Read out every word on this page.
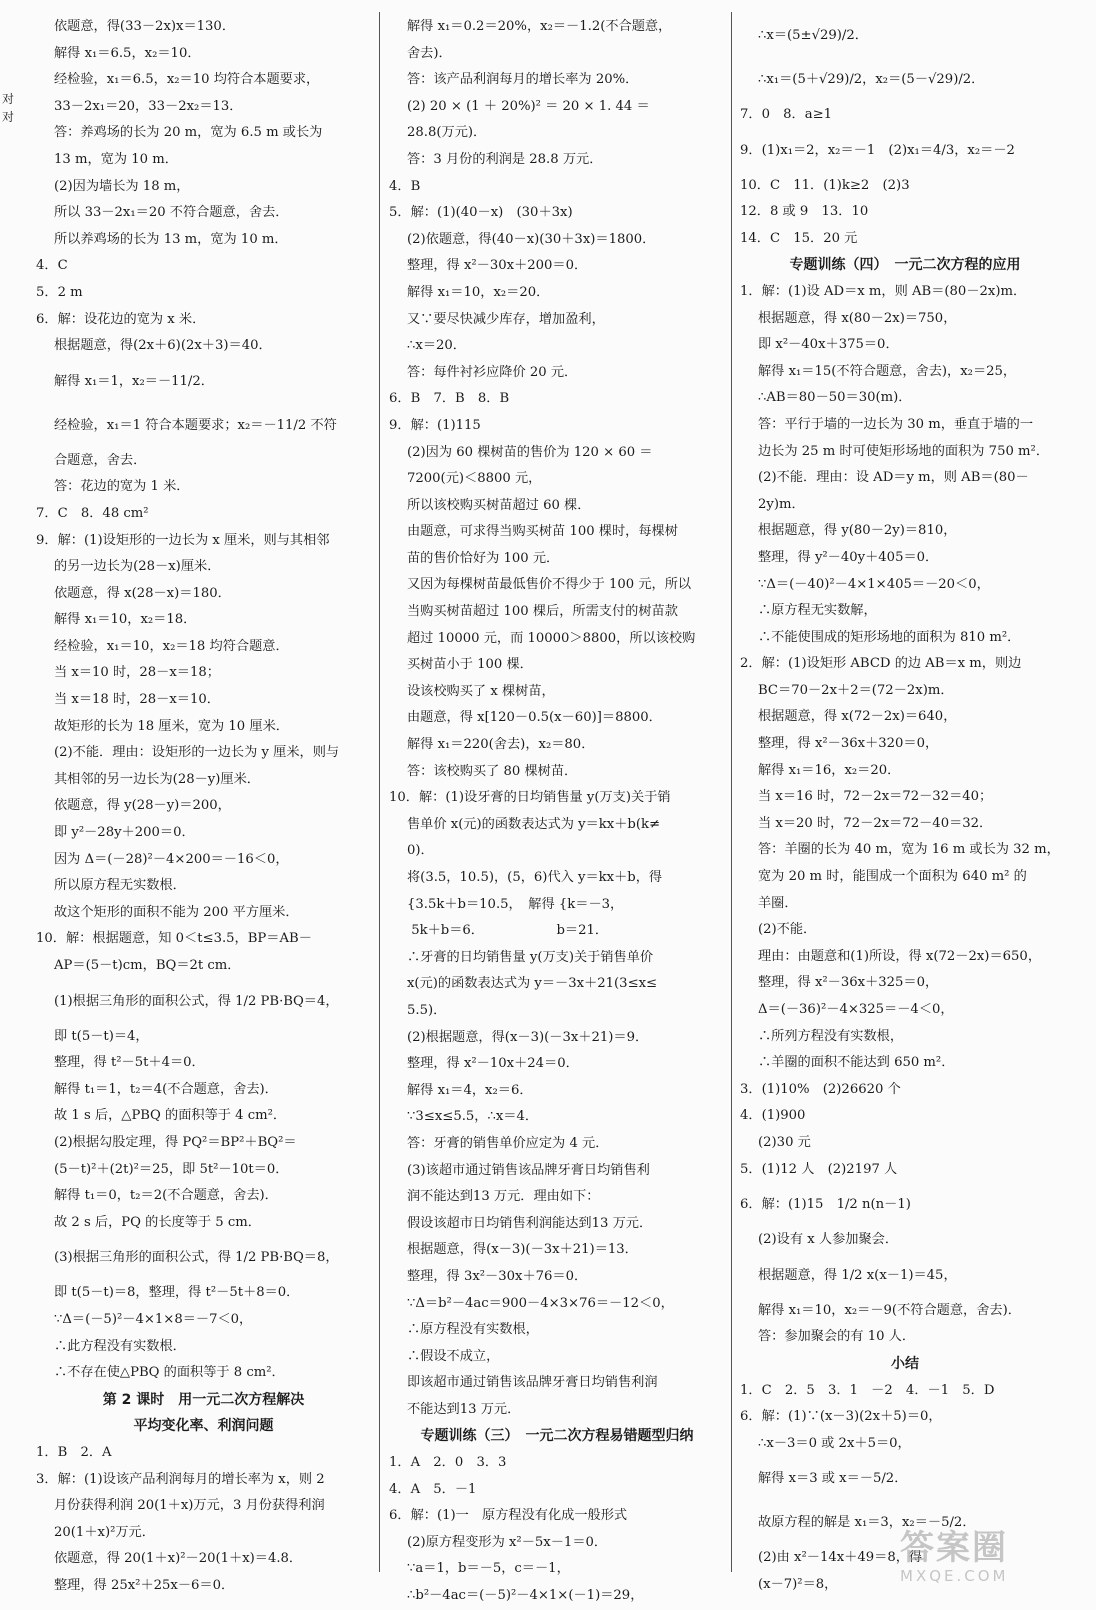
对
对
依题意，得(33－2x)x＝130．
解得 x₁＝6.5，x₂＝10．
经检验，x₁＝6.5，x₂＝10 均符合本题要求，
33－2x₁＝20，33－2x₂＝13．
答：养鸡场的长为 20 m，宽为 6.5 m 或长为
13 m，宽为 10 m．
(2)因为墙长为 18 m，
所以 33－2x₁＝20 不符合题意，舍去．
所以养鸡场的长为 13 m，宽为 10 m．
4．C
5．2 m
6．解：设花边的宽为 x 米．
根据题意，得(2x＋6)(2x＋3)＝40．
解得 x₁＝1，x₂＝－11/2．
经检验，x₁＝1 符合本题要求；x₂＝－11/2 不符
合题意，舍去．
答：花边的宽为 1 米．
7．C　8．48 cm²
9．解：(1)设矩形的一边长为 x 厘米，则与其相邻
的另一边长为(28－x)厘米．
依题意，得 x(28－x)＝180．
解得 x₁＝10，x₂＝18．
经检验，x₁＝10，x₂＝18 均符合题意．
当 x＝10 时，28－x＝18；
当 x＝18 时，28－x＝10．
故矩形的长为 18 厘米，宽为 10 厘米．
(2)不能．理由：设矩形的一边长为 y 厘米，则与
其相邻的另一边长为(28－y)厘米．
依题意，得 y(28－y)＝200，
即 y²－28y＋200＝0．
因为 Δ＝(－28)²－4×200＝－16＜0，
所以原方程无实数根．
故这个矩形的面积不能为 200 平方厘米．
10．解：根据题意，知 0＜t≤3.5，BP＝AB－
AP＝(5－t)cm，BQ＝2t cm．
(1)根据三角形的面积公式，得 1/2 PB·BQ＝4，
即 t(5－t)＝4，
整理，得 t²－5t＋4＝0．
解得 t₁＝1，t₂＝4(不合题意，舍去)．
故 1 s 后，△PBQ 的面积等于 4 cm²．
(2)根据勾股定理，得 PQ²＝BP²＋BQ²＝
(5－t)²＋(2t)²＝25，即 5t²－10t＝0．
解得 t₁＝0，t₂＝2(不合题意，舍去)．
故 2 s 后，PQ 的长度等于 5 cm．
(3)根据三角形的面积公式，得 1/2 PB·BQ＝8，
即 t(5－t)＝8，整理，得 t²－5t＋8＝0．
∵Δ＝(－5)²－4×1×8＝－7＜0，
∴此方程没有实数根．
∴不存在使△PBQ 的面积等于 8 cm²．
第 2 课时　用一元二次方程解决
平均变化率、利润问题
1．B　2．A
3．解：(1)设该产品利润每月的增长率为 x，则 2
月份获得利润 20(1＋x)万元，3 月份获得利润
20(1＋x)²万元．
依题意，得 20(1＋x)²－20(1＋x)＝4.8．
整理，得 25x²＋25x－6＝0．
解得 x₁＝0.2＝20%，x₂＝－1.2(不合题意，
舍去)．
答：该产品利润每月的增长率为 20%．
(2) 20 × (1 ＋ 20%)² ＝ 20 × 1. 44 ＝
28.8(万元)．
答：3 月份的利润是 28.8 万元．
4．B
5．解：(1)(40－x)　(30＋3x)
(2)依题意，得(40－x)(30＋3x)＝1800．
整理，得 x²－30x＋200＝0．
解得 x₁＝10，x₂＝20．
又∵要尽快减少库存，增加盈利，
∴x＝20．
答：每件衬衫应降价 20 元．
6．B　7．B　8．B
9．解：(1)115
(2)因为 60 棵树苗的售价为 120 × 60 ＝
7200(元)＜8800 元，
所以该校购买树苗超过 60 棵．
由题意，可求得当购买树苗 100 棵时，每棵树
苗的售价恰好为 100 元．
又因为每棵树苗最低售价不得少于 100 元，所以
当购买树苗超过 100 棵后，所需支付的树苗款
超过 10000 元，而 10000＞8800，所以该校购
买树苗小于 100 棵．
设该校购买了 x 棵树苗，
由题意，得 x[120－0.5(x－60)]＝8800．
解得 x₁＝220(舍去)，x₂＝80．
答：该校购买了 80 棵树苗．
10．解：(1)设牙膏的日均销售量 y(万支)关于销
售单价 x(元)的函数表达式为 y＝kx＋b(k≠
0)．
将(3.5，10.5)，(5，6)代入 y＝kx＋b，得
{3.5k＋b＝10.5，　解得 {k＝－3，
5k＋b＝6．　　　　　　b＝21．
∴牙膏的日均销售量 y(万支)关于销售单价
x(元)的函数表达式为 y＝－3x＋21(3≤x≤
5.5)．
(2)根据题意，得(x－3)(－3x＋21)＝9．
整理，得 x²－10x＋24＝0．
解得 x₁＝4，x₂＝6．
∵3≤x≤5.5，∴x＝4．
答：牙膏的销售单价应定为 4 元．
(3)该超市通过销售该品牌牙膏日均销售利
润不能达到13 万元．理由如下：
假设该超市日均销售利润能达到13 万元．
根据题意，得(x－3)(－3x＋21)＝13．
整理，得 3x²－30x＋76＝0．
∵Δ＝b²－4ac＝900－4×3×76＝－12＜0，
∴原方程没有实数根，
∴假设不成立，
即该超市通过销售该品牌牙膏日均销售利润
不能达到13 万元．
专题训练（三）　一元二次方程易错题型归纳
1．A　2．0　3．3
4．A　5．－1
6．解：(1)一　原方程没有化成一般形式
(2)原方程变形为 x²－5x－1＝0．
∵a＝1，b＝－5，c＝－1，
∴b²－4ac＝(－5)²－4×1×(－1)＝29，
∴x＝(5±√29)/2．
∴x₁＝(5＋√29)/2，x₂＝(5－√29)/2．
7．0　8．a≥1
9．(1)x₁＝2，x₂＝－1　(2)x₁＝4/3，x₂＝－2
10．C　11．(1)k≥2　(2)3
12．8 或 9　13．10
14．C　15．20 元
专题训练（四）　一元二次方程的应用
1．解：(1)设 AD＝x m，则 AB＝(80－2x)m．
根据题意，得 x(80－2x)＝750，
即 x²－40x＋375＝0．
解得 x₁＝15(不符合题意，舍去)，x₂＝25，
∴AB＝80－50＝30(m)．
答：平行于墙的一边长为 30 m，垂直于墙的一
边长为 25 m 时可使矩形场地的面积为 750 m²．
(2)不能．理由：设 AD＝y m，则 AB＝(80－
2y)m．
根据题意，得 y(80－2y)＝810，
整理，得 y²－40y＋405＝0．
∵Δ＝(－40)²－4×1×405＝－20＜0，
∴原方程无实数解，
∴不能使围成的矩形场地的面积为 810 m²．
2．解：(1)设矩形 ABCD 的边 AB＝x m，则边
BC＝70－2x＋2＝(72－2x)m．
根据题意，得 x(72－2x)＝640，
整理，得 x²－36x＋320＝0，
解得 x₁＝16，x₂＝20．
当 x＝16 时，72－2x＝72－32＝40；
当 x＝20 时，72－2x＝72－40＝32．
答：羊圈的长为 40 m，宽为 16 m 或长为 32 m，
宽为 20 m 时，能围成一个面积为 640 m² 的
羊圈．
(2)不能．
理由：由题意和(1)所设，得 x(72－2x)＝650，
整理，得 x²－36x＋325＝0，
Δ＝(－36)²－4×325＝－4＜0，
∴所列方程没有实数根，
∴羊圈的面积不能达到 650 m²．
3．(1)10%　(2)26620 个
4．(1)900
(2)30 元
5．(1)12 人　(2)2197 人
6．解：(1)15　1/2 n(n－1)
(2)设有 x 人参加聚会．
根据题意，得 1/2 x(x－1)＝45，
解得 x₁＝10，x₂＝－9(不符合题意，舍去)．
答：参加聚会的有 10 人．
小结
1．C　2．5　3．1　－2　4．－1　5．D
6．解：(1)∵(x－3)(2x＋5)＝0，
∴x－3＝0 或 2x＋5＝0，
解得 x＝3 或 x＝－5/2．
故原方程的解是 x₁＝3，x₂＝－5/2．
(2)由 x²－14x＋49＝8，得
(x－7)²＝8，
答案圈
MXQE.COM
